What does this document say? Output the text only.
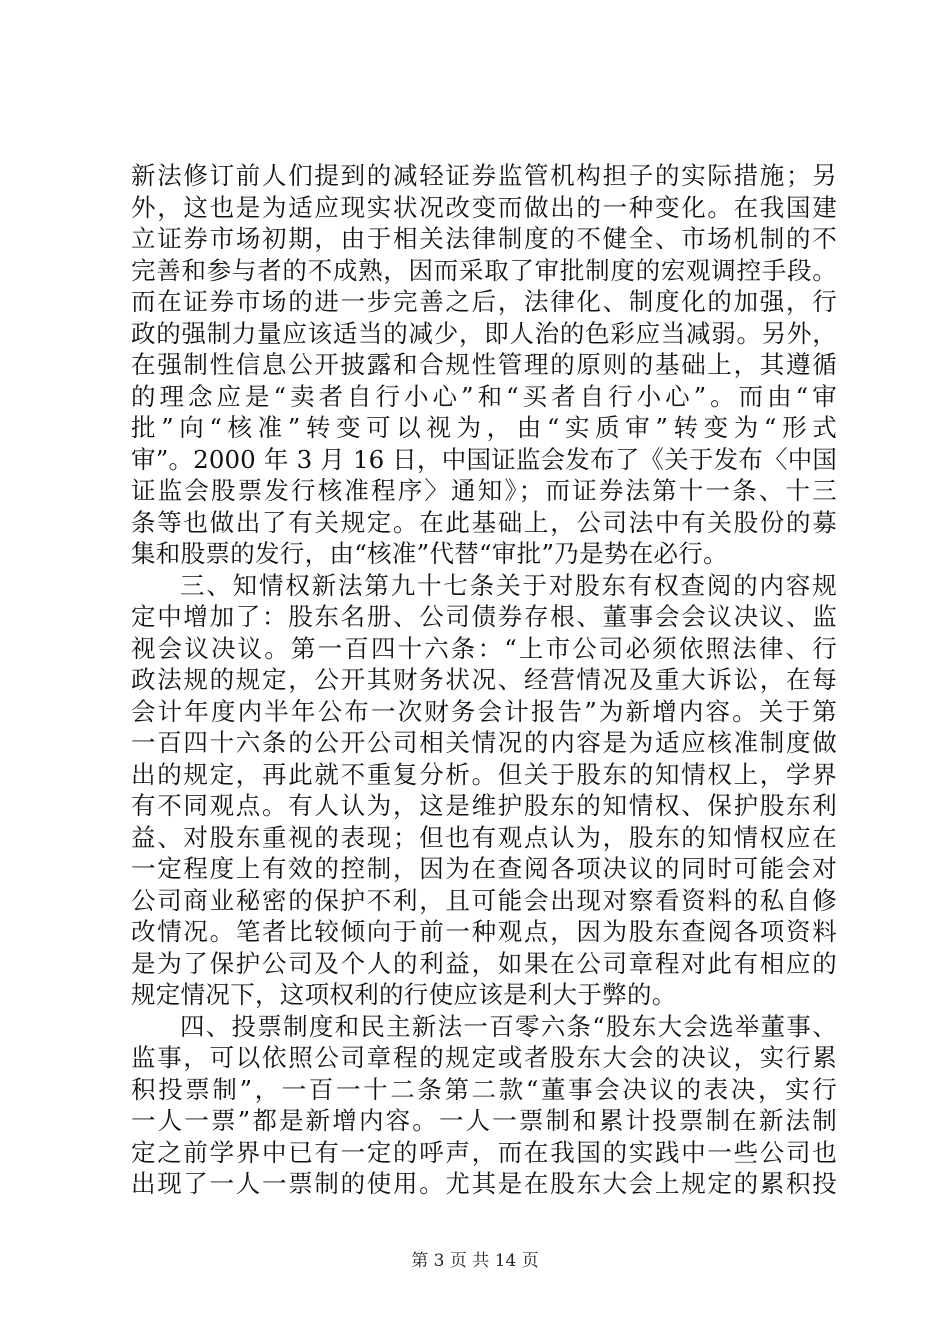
新法修订前人们提到的减轻证券监管机构担子的实际措施；另
外，这也是为适应现实状况改变而做出的一种变化。在我国建
立证券市场初期，由于相关法律制度的不健全、市场机制的不
完善和参与者的不成熟，因而采取了审批制度的宏观调控手段。
而在证券市场的进一步完善之后，法律化、制度化的加强，行
政的强制力量应该适当的减少，即人治的色彩应当减弱。另外，
在强制性信息公开披露和合规性管理的原则的基础上，其遵循
的理念应是“卖者自行小心”和“买者自行小心”。而由“审
批”向“核准”转变可以视为，由“实质审”转变为“形式
审”。2000 年 3 月 16 日，中国证监会发布了《关于发布〈中国
证监会股票发行核准程序〉通知》；而证券法第十一条、十三
条等也做出了有关规定。在此基础上，公司法中有关股份的募
集和股票的发行，由“核准”代替“审批”乃是势在必行。
三、知情权新法第九十七条关于对股东有权查阅的内容规
定中增加了：股东名册、公司债券存根、董事会会议决议、监
视会议决议。第一百四十六条：“上市公司必须依照法律、行
政法规的规定，公开其财务状况、经营情况及重大诉讼，在每
会计年度内半年公布一次财务会计报告”为新增内容。关于第
一百四十六条的公开公司相关情况的内容是为适应核准制度做
出的规定，再此就不重复分析。但关于股东的知情权上，学界
有不同观点。有人认为，这是维护股东的知情权、保护股东利
益、对股东重视的表现；但也有观点认为，股东的知情权应在
一定程度上有效的控制，因为在查阅各项决议的同时可能会对
公司商业秘密的保护不利，且可能会出现对察看资料的私自修
改情况。笔者比较倾向于前一种观点，因为股东查阅各项资料
是为了保护公司及个人的利益，如果在公司章程对此有相应的
规定情况下，这项权利的行使应该是利大于弊的。
四、投票制度和民主新法一百零六条“股东大会选举董事、
监事，可以依照公司章程的规定或者股东大会的决议，实行累
积投票制”，一百一十二条第二款“董事会决议的表决，实行
一人一票”都是新增内容。一人一票制和累计投票制在新法制
定之前学界中已有一定的呼声，而在我国的实践中一些公司也
出现了一人一票制的使用。尤其是在股东大会上规定的累积投
第 3 页 共 14 页
